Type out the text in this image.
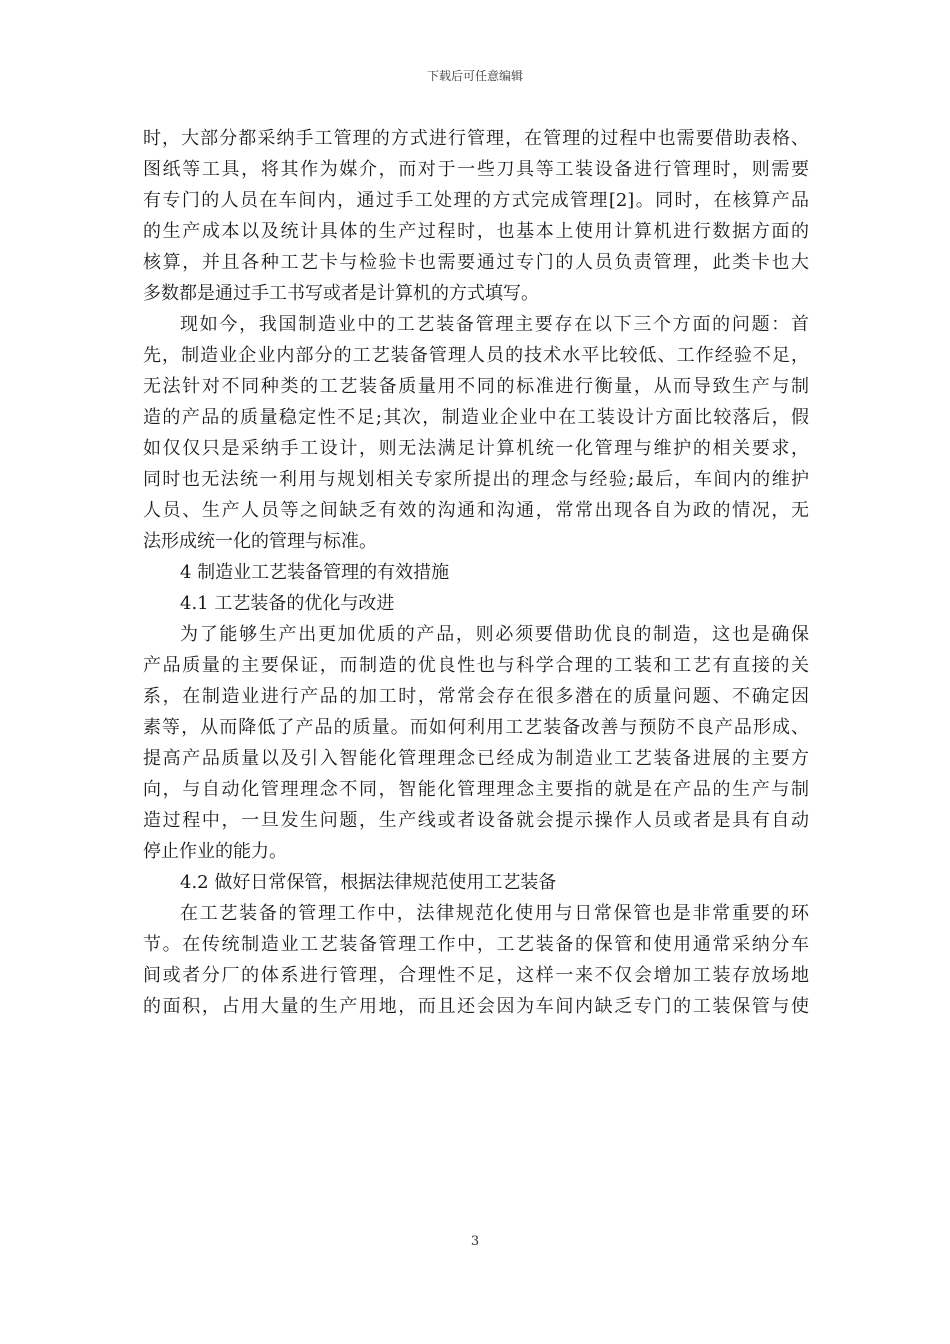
下载后可任意编辑
时，大部分都采纳手工管理的方式进行管理，在管理的过程中也需要借助表格、
图纸等工具，将其作为媒介，而对于一些刀具等工装设备进行管理时，则需要
有专门的人员在车间内，通过手工处理的方式完成管理[2]。同时，在核算产品
的生产成本以及统计具体的生产过程时，也基本上使用计算机进行数据方面的
核算，并且各种工艺卡与检验卡也需要通过专门的人员负责管理，此类卡也大
多数都是通过手工书写或者是计算机的方式填写。
现如今，我国制造业中的工艺装备管理主要存在以下三个方面的问题：首
先，制造业企业内部分的工艺装备管理人员的技术水平比较低、工作经验不足，
无法针对不同种类的工艺装备质量用不同的标准进行衡量，从而导致生产与制
造的产品的质量稳定性不足;其次，制造业企业中在工装设计方面比较落后，假
如仅仅只是采纳手工设计，则无法满足计算机统一化管理与维护的相关要求，
同时也无法统一利用与规划相关专家所提出的理念与经验;最后，车间内的维护
人员、生产人员等之间缺乏有效的沟通和沟通，常常出现各自为政的情况，无
法形成统一化的管理与标准。
4 制造业工艺装备管理的有效措施
4.1 工艺装备的优化与改进
为了能够生产出更加优质的产品，则必须要借助优良的制造，这也是确保
产品质量的主要保证，而制造的优良性也与科学合理的工装和工艺有直接的关
系，在制造业进行产品的加工时，常常会存在很多潜在的质量问题、不确定因
素等，从而降低了产品的质量。而如何利用工艺装备改善与预防不良产品形成、
提高产品质量以及引入智能化管理理念已经成为制造业工艺装备进展的主要方
向，与自动化管理理念不同，智能化管理理念主要指的就是在产品的生产与制
造过程中，一旦发生问题，生产线或者设备就会提示操作人员或者是具有自动
停止作业的能力。
4.2 做好日常保管，根据法律规范使用工艺装备
在工艺装备的管理工作中，法律规范化使用与日常保管也是非常重要的环
节。在传统制造业工艺装备管理工作中，工艺装备的保管和使用通常采纳分车
间或者分厂的体系进行管理，合理性不足，这样一来不仅会增加工装存放场地
的面积，占用大量的生产用地，而且还会因为车间内缺乏专门的工装保管与使
3
